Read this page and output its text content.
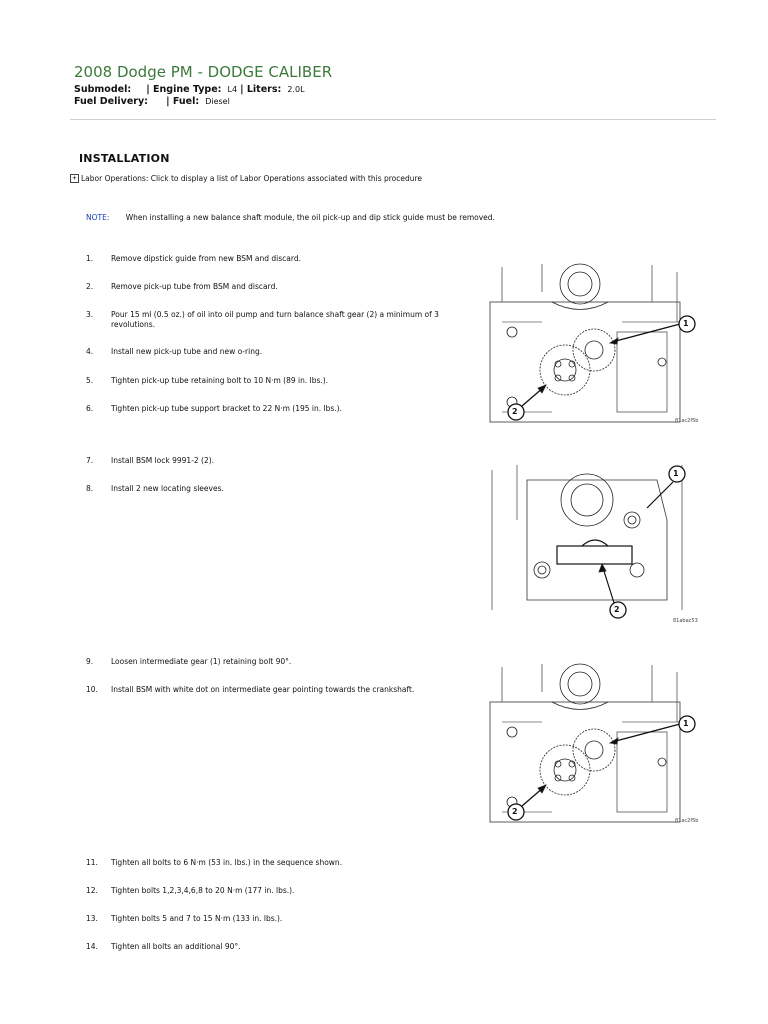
2008 Dodge PM - DODGE CALIBER
Submodel: | Engine Type: L4 | Liters: 2.0L
Fuel Delivery: | Fuel: Diesel
INSTALLATION
+ Labor Operations: Click to display a list of Labor Operations associated with this procedure
NOTE: When installing a new balance shaft module, the oil pick-up and dip stick guide must be removed.
1.	Remove dipstick guide from new BSM and discard.
2.	Remove pick-up tube from BSM and discard.
3.	Pour 15 ml (0.5 oz.) of oil into oil pump and turn balance shaft gear (2) a minimum of 3 revolutions.
4.	Install new pick-up tube and new o-ring.
5.	Tighten pick-up tube retaining bolt to 10 N·m (89 in. lbs.).
6.	Tighten pick-up tube support bracket to 22 N·m (195 in. lbs.).
7.	Install BSM lock 9991-2 (2).
8.	Install 2 new locating sleeves.
9.	Loosen intermediate gear (1) retaining bolt 90°.
10.	Install BSM with white dot on intermediate gear pointing towards the crankshaft.
11.	Tighten all bolts to 6 N·m (53 in. lbs.) in the sequence shown.
12.	Tighten bolts 1,2,3,4,6,8 to 20 N·m (177 in. lbs.).
13.	Tighten bolts 5 and 7 to 15 N·m (133 in. lbs.).
14.	Tighten all bolts an additional 90°.
1
2
81ac2f5b
1
2
81abac53
1
2
81ac2f5b
